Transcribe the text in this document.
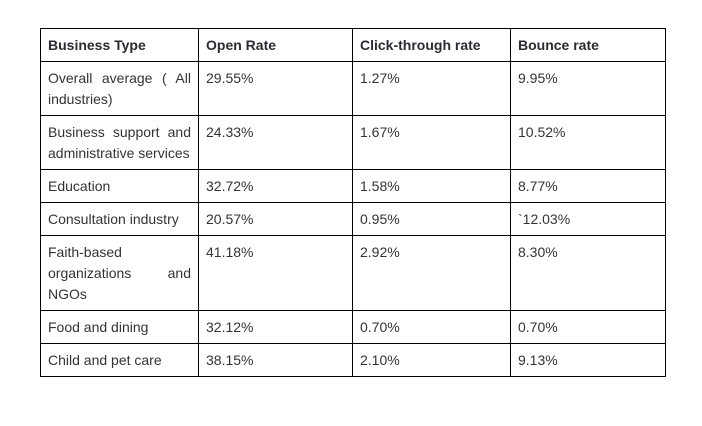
Business Type	Open Rate	Click-through rate	Bounce rate
Overall average ( All industries)	29.55%	1.27%	9.95%
Business support and administrative services	24.33%	1.67%	10.52%
Education	32.72%	1.58%	8.77%
Consultation industry	20.57%	0.95%	`12.03%
Faith-based organizations and NGOs	41.18%	2.92%	8.30%
Food and dining	32.12%	0.70%	0.70%
Child and pet care	38.15%	2.10%	9.13%
